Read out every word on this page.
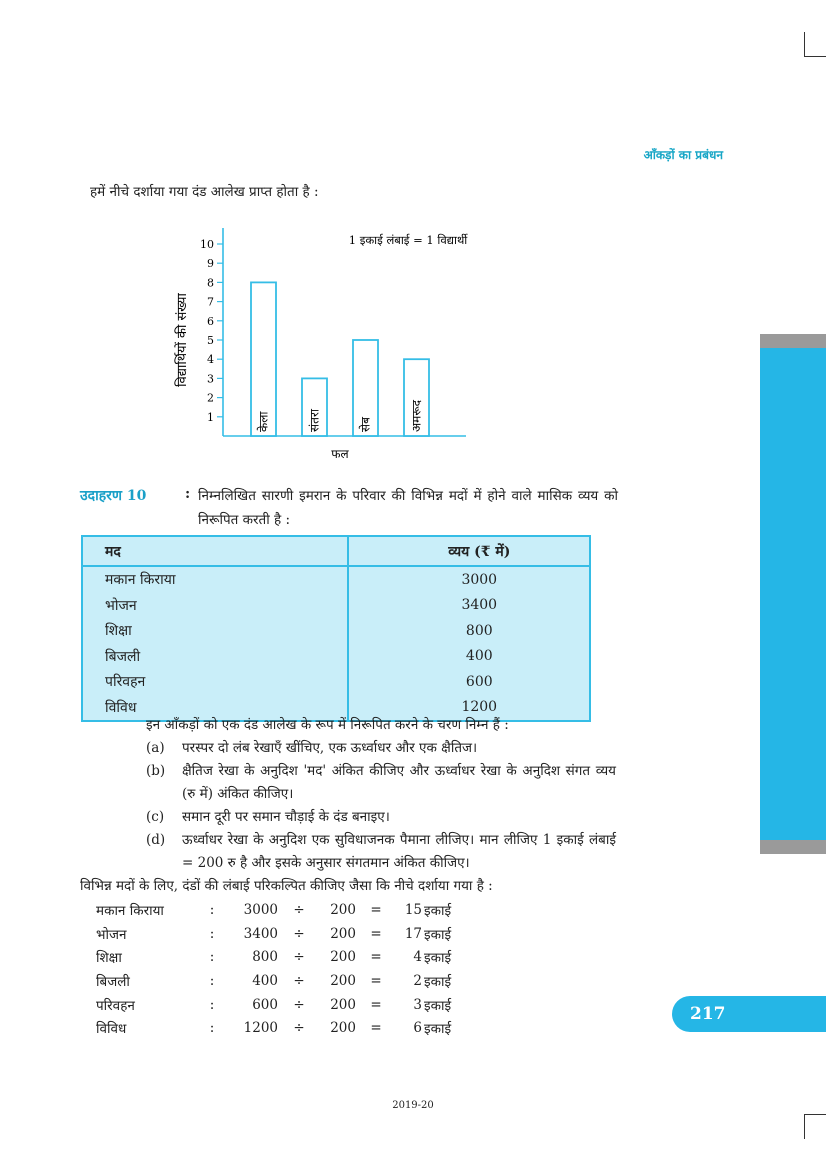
आँकड़ों का प्रबंधन
हमें नीचे दर्शाया गया दंड आलेख प्राप्त होता है :
विद्यार्थियों की संख्या
1 इकाई लंबाई = 1 विद्यार्थी
1
2
3
4
5
6
7
8
9
10
केला	संतरा	सेब	अमरूद
फल
उदाहरण 10	: निम्नलिखित सारणी इमरान के परिवार की विभिन्न मदों में होने वाले मासिक व्यय को निरूपित करती है :
मद	व्यय (₹ में)
मकान किराया	3000
भोजन	3400
शिक्षा	800
बिजली	400
परिवहन	600
विविध	1200
इन आँकड़ों को एक दंड आलेख के रूप में निरूपित करने के चरण निम्न हैं :
(a) परस्पर दो लंब रेखाएँ खींचिए, एक ऊर्ध्वाधर और एक क्षैतिज।
(b) क्षैतिज रेखा के अनुदिश 'मद' अंकित कीजिए और ऊर्ध्वाधर रेखा के अनुदिश संगत व्यय (रु में) अंकित कीजिए।
(c) समान दूरी पर समान चौड़ाई के दंड बनाइए।
(d) ऊर्ध्वाधर रेखा के अनुदिश एक सुविधाजनक पैमाना लीजिए। मान लीजिए 1 इकाई लंबाई = 200 रु है और इसके अनुसार संगतमान अंकित कीजिए।
विभिन्न मदों के लिए, दंडों की लंबाई परिकल्पित कीजिए जैसा कि नीचे दर्शाया गया है :
मकान किराया	:	3000	÷	200	=	15	इकाई
भोजन	:	3400	÷	200	=	17	इकाई
शिक्षा	:	800	÷	200	=	4	इकाई
बिजली	:	400	÷	200	=	2	इकाई
परिवहन	:	600	÷	200	=	3	इकाई
विविध	:	1200	÷	200	=	6	इकाई
217
2019-20
